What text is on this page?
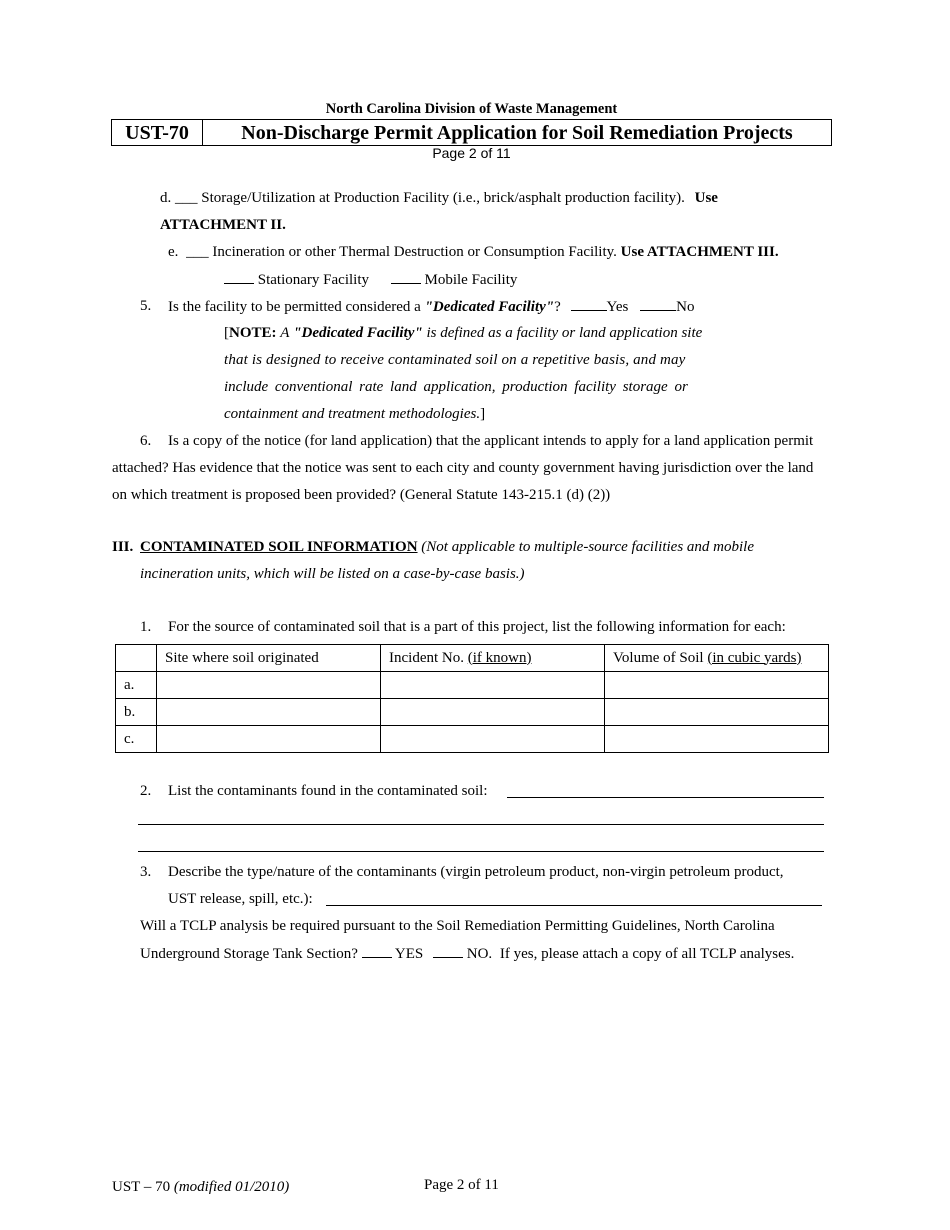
North Carolina Division of Waste Management
UST-70	Non-Discharge Permit Application for Soil Remediation Projects
Page 2 of 11
d. ___ Storage/Utilization at Production Facility (i.e., brick/asphalt production facility). Use
ATTACHMENT II.
e. ___ Incineration or other Thermal Destruction or Consumption Facility. Use ATTACHMENT III.
Stationary Facility	Mobile Facility
5. Is the facility to be permitted considered a "Dedicated Facility"?	Yes	No
[NOTE: A "Dedicated Facility" is defined as a facility or land application site
that is designed to receive contaminated soil on a repetitive basis, and may
include conventional rate land application, production facility storage or
containment and treatment methodologies.]
6. Is a copy of the notice (for land application) that the applicant intends to apply for a land application permit
attached? Has evidence that the notice was sent to each city and county government having jurisdiction over the land
on which treatment is proposed been provided? (General Statute 143-215.1 (d) (2))
III. CONTAMINATED SOIL INFORMATION (Not applicable to multiple-source facilities and mobile
incineration units, which will be listed on a case-by-case basis.)
1. For the source of contaminated soil that is a part of this project, list the following information for each:
	Site where soil originated	Incident No. (if known)	Volume of Soil (in cubic yards)
a.			
b.			
c.			
2. List the contaminants found in the contaminated soil:
3. Describe the type/nature of the contaminants (virgin petroleum product, non-virgin petroleum product,
UST release, spill, etc.):
Will a TCLP analysis be required pursuant to the Soil Remediation Permitting Guidelines, North Carolina
Underground Storage Tank Section? YES	NO. If yes, please attach a copy of all TCLP analyses.
UST – 70 (modified 01/2010)	Page 2 of 11
